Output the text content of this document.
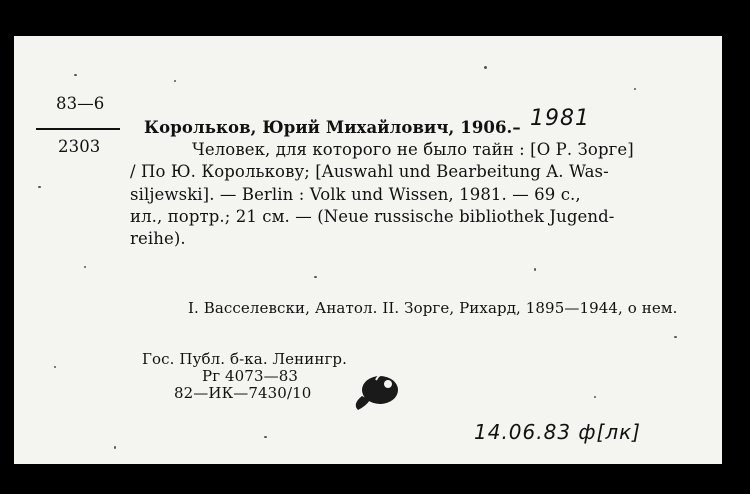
83—6
2303
Корольков, Юрий Михайлович, 1906.– 1981
Человек, для которого не было тайн : [О Р. Зорге]
/ По Ю. Королькову; [Auswahl und Bearbeitung A. Was-
siljewski]. — Berlin : Volk und Wissen, 1981. — 69 с.,
ил., портр.; 21 см. — (Neue russische bibliothek Jugend-
reihe).
I. Васселевски, Анатол. II. Зорге, Рихард, 1895—1944, о нем.
Гос. Публ. б-ка. Ленингр.
Рг 4073—83
82—ИК—7430/10
14.06.83 ф[лк]
